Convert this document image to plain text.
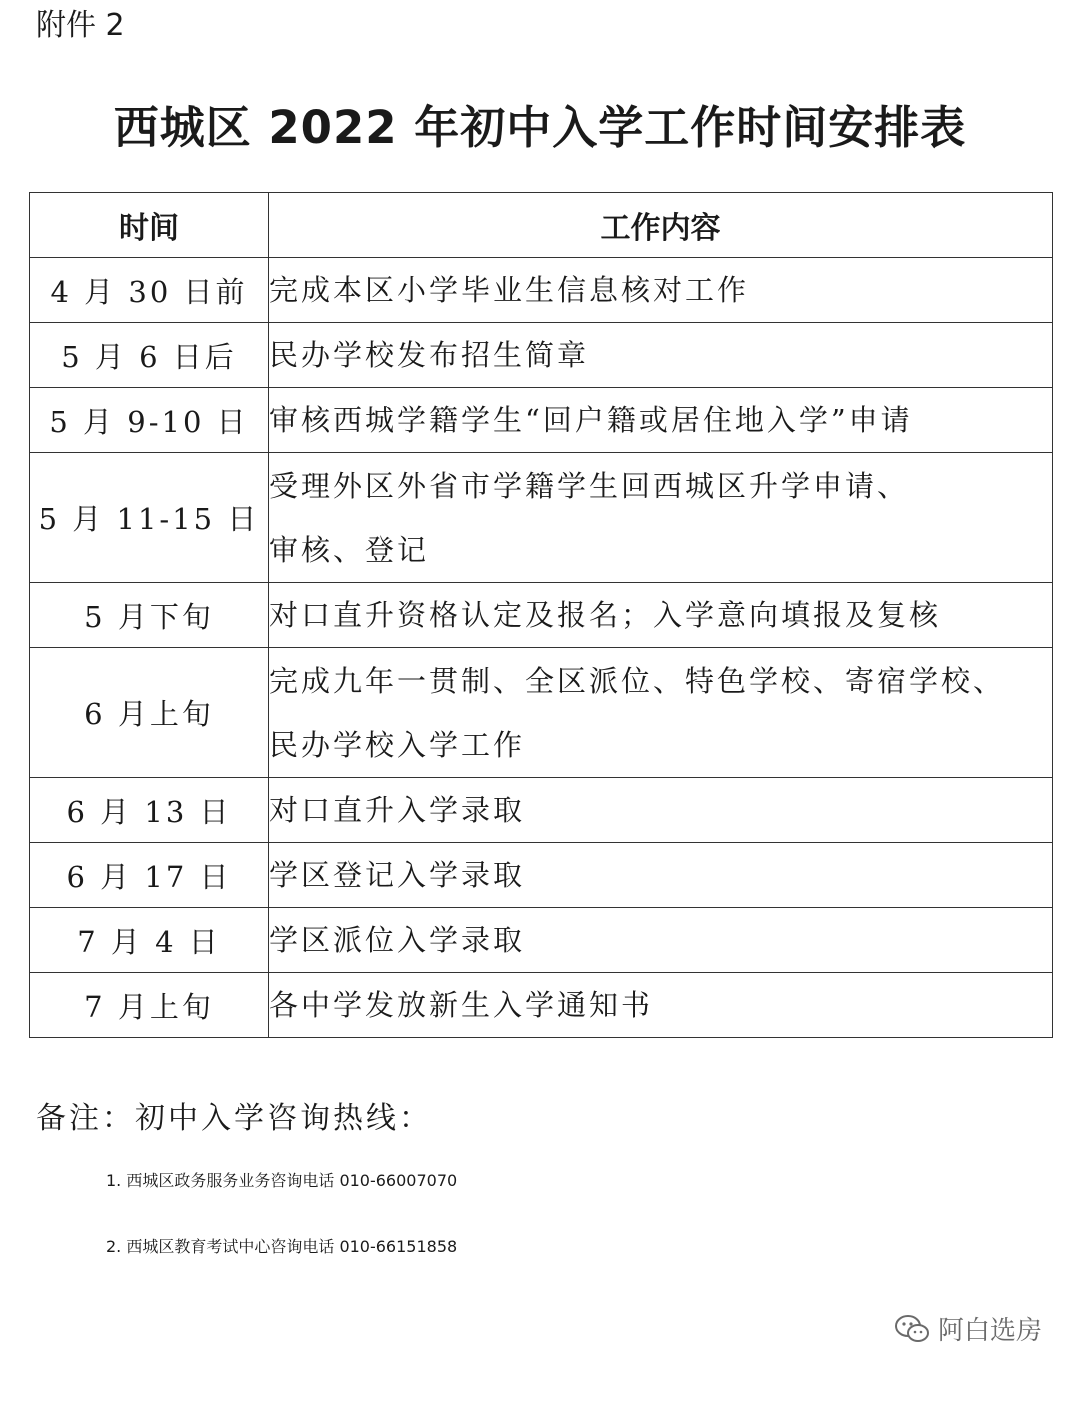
附件 2
西城区 2022 年初中入学工作时间安排表
时间	工作内容
4 月 30 日前	完成本区小学毕业生信息核对工作

5 月 6 日后	民办学校发布招生简章

5 月 9-10 日	审核西城学籍学生“回户籍或居住地入学”申请

5 月 11-15 日	受理外区外省市学籍学生回西城区升学申请、
审核、登记

5 月下旬	对口直升资格认定及报名；入学意向填报及复核

6 月上旬	完成九年一贯制、全区派位、特色学校、寄宿学校、
民办学校入学工作

6 月 13 日	对口直升入学录取

6 月 17 日	学区登记入学录取

7 月 4 日	学区派位入学录取

7 月上旬	各中学发放新生入学通知书
备注：初中入学咨询热线：
1. 西城区政务服务业务咨询电话 010-66007070
2. 西城区教育考试中心咨询电话 010-66151858
阿白选房
